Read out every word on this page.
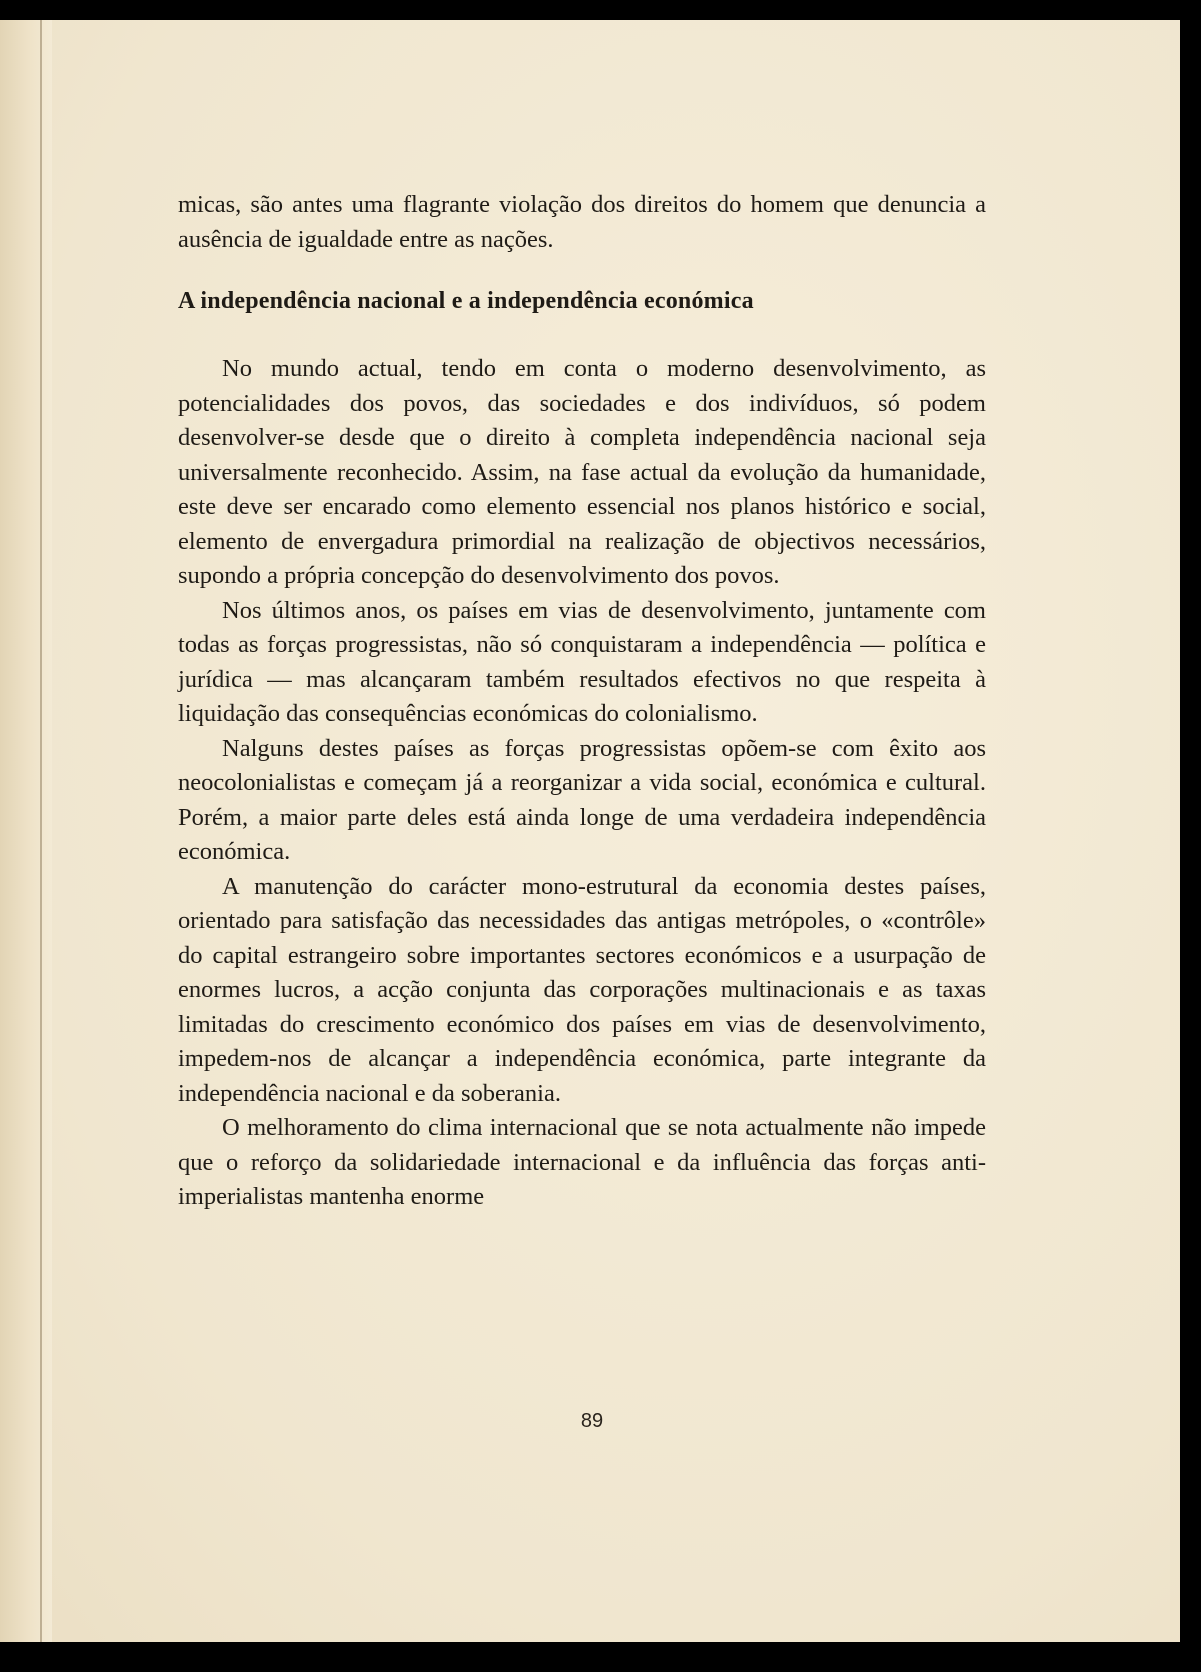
micas, são antes uma flagrante violação dos direitos do homem que denuncia a ausência de igualdade entre as nações.

A independência nacional e a independência económica

No mundo actual, tendo em conta o moderno desenvolvimento, as potencialidades dos povos, das sociedades e dos indivíduos, só podem desenvolver-se desde que o direito à completa independência nacional seja universalmente reconhecido. Assim, na fase actual da evolução da humanidade, este deve ser encarado como elemento essencial nos planos histórico e social, elemento de envergadura primordial na realização de objectivos necessários, supondo a própria concepção do desenvolvimento dos povos.

Nos últimos anos, os países em vias de desenvolvimento, juntamente com todas as forças progressistas, não só conquistaram a independência — política e jurídica — mas alcançaram também resultados efectivos no que respeita à liquidação das consequências económicas do colonialismo.

Nalguns destes países as forças progressistas opõem-se com êxito aos neocolonialistas e começam já a reorganizar a vida social, económica e cultural. Porém, a maior parte deles está ainda longe de uma verdadeira independência económica.

A manutenção do carácter mono-estrutural da economia destes países, orientado para satisfação das necessidades das antigas metrópoles, o «contrôle» do capital estrangeiro sobre importantes sectores económicos e a usurpação de enormes lucros, a acção conjunta das corporações multinacionais e as taxas limitadas do crescimento económico dos países em vias de desenvolvimento, impedem-nos de alcançar a independência económica, parte integrante da independência nacional e da soberania.

O melhoramento do clima internacional que se nota actualmente não impede que o reforço da solidariedade internacional e da influência das forças anti-imperialistas mantenha enorme

89
